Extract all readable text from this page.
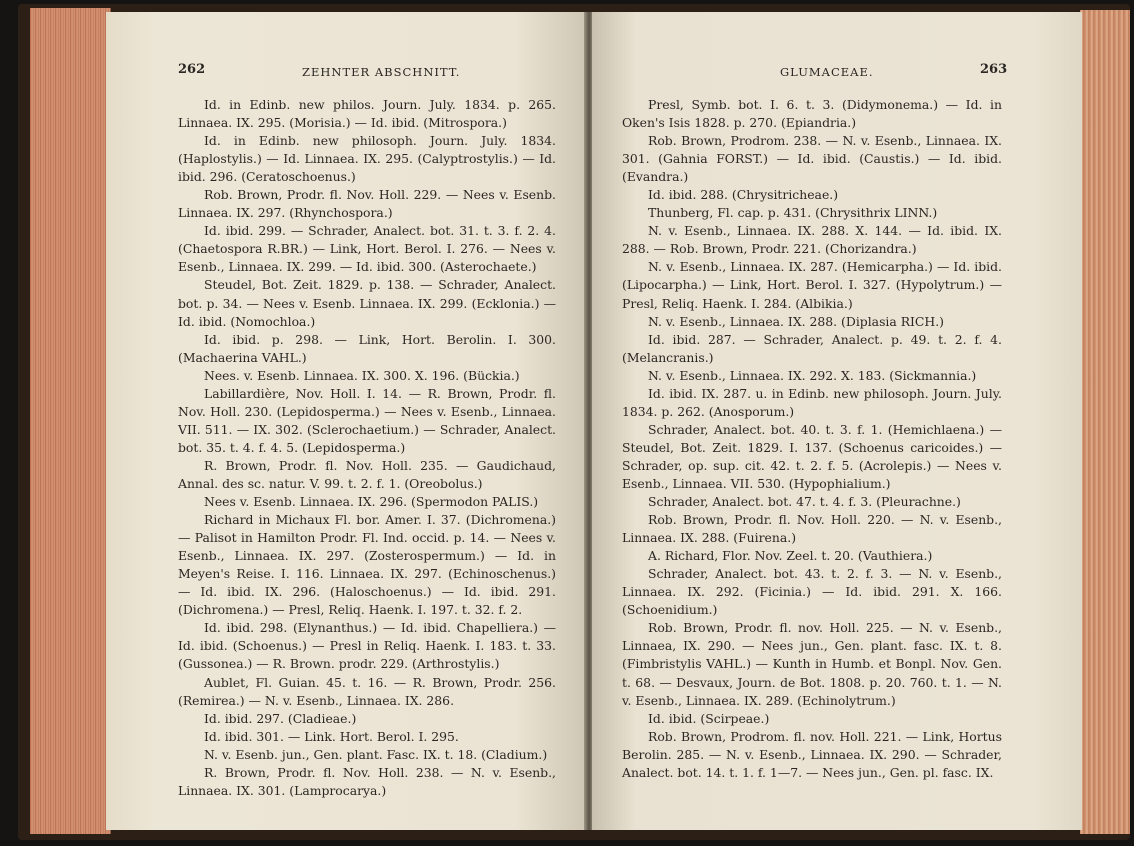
262	ZEHNTER ABSCHNITT.

Id. in Edinb. new philos. Journ. July. 1834. p. 265. Linnaea. IX. 295. (Morisia.) — Id. ibid. (Mitrospora.)

Id. in Edinb. new philosoph. Journ. July. 1834. (Haplostylis.) — Id. Linnaea. IX. 295. (Calyptrostylis.) — Id. ibid. 296. (Ceratoschoenus.)

Rob. Brown, Prodr. fl. Nov. Holl. 229. — Nees v. Esenb. Linnaea. IX. 297. (Rhynchospora.)

Id. ibid. 299. — Schrader, Analect. bot. 31. t. 3. f. 2. 4. (Chaetospora R.BR.) — Link, Hort. Berol. I. 276. — Nees v. Esenb., Linnaea. IX. 299. — Id. ibid. 300. (Asterochaete.)

Steudel, Bot. Zeit. 1829. p. 138. — Schrader, Analect. bot. p. 34. — Nees v. Esenb. Linnaea. IX. 299. (Ecklonia.) — Id. ibid. (Nomochloa.)

Id. ibid. p. 298. — Link, Hort. Berolin. I. 300. (Machaerina VAHL.)

Nees. v. Esenb. Linnaea. IX. 300. X. 196. (Bückia.)

Labillardière, Nov. Holl. I. 14. — R. Brown, Prodr. fl. Nov. Holl. 230. (Lepidosperma.) — Nees v. Esenb., Linnaea. VII. 511. — IX. 302. (Sclerochaetium.) — Schrader, Analect. bot. 35. t. 4. f. 4. 5. (Lepidosperma.)

R. Brown, Prodr. fl. Nov. Holl. 235. — Gaudichaud, Annal. des sc. natur. V. 99. t. 2. f. 1. (Oreobolus.)

Nees v. Esenb. Linnaea. IX. 296. (Spermodon PALIS.)

Richard in Michaux Fl. bor. Amer. I. 37. (Dichromena.) — Palisot in Hamilton Prodr. Fl. Ind. occid. p. 14. — Nees v. Esenb., Linnaea. IX. 297. (Zosterospermum.) — Id. in Meyen's Reise. I. 116. Linnaea. IX. 297. (Echinoschenus.) — Id. ibid. IX. 296. (Haloschoenus.) — Id. ibid. 291. (Dichromena.) — Presl, Reliq. Haenk. I. 197. t. 32. f. 2.

Id. ibid. 298. (Elynanthus.) — Id. ibid. Chapelliera.) — Id. ibid. (Schoenus.) — Presl in Reliq. Haenk. I. 183. t. 33. (Gussonea.) — R. Brown. prodr. 229. (Arthrostylis.)

Aublet, Fl. Guian. 45. t. 16. — R. Brown, Prodr. 256. (Remirea.) — N. v. Esenb., Linnaea. IX. 286.

Id. ibid. 297. (Cladieae.)

Id. ibid. 301. — Link. Hort. Berol. I. 295.

N. v. Esenb. jun., Gen. plant. Fasc. IX. t. 18. (Cladium.)

R. Brown, Prodr. fl. Nov. Holl. 238. — N. v. Esenb., Linnaea. IX. 301. (Lamprocarya.)

GLUMACEAE.	263

Presl, Symb. bot. I. 6. t. 3. (Didymonema.) — Id. in Oken's Isis 1828. p. 270. (Epiandria.)

Rob. Brown, Prodrom. 238. — N. v. Esenb., Linnaea. IX. 301. (Gahnia FORST.) — Id. ibid. (Caustis.) — Id. ibid. (Evandra.)

Id. ibid. 288. (Chrysitricheae.)

Thunberg, Fl. cap. p. 431. (Chrysithrix LINN.)

N. v. Esenb., Linnaea. IX. 288. X. 144. — Id. ibid. IX. 288. — Rob. Brown, Prodr. 221. (Chorizandra.)

N. v. Esenb., Linnaea. IX. 287. (Hemicarpha.) — Id. ibid. (Lipocarpha.) — Link, Hort. Berol. I. 327. (Hypolytrum.) — Presl, Reliq. Haenk. I. 284. (Albikia.)

N. v. Esenb., Linnaea. IX. 288. (Diplasia RICH.)

Id. ibid. 287. — Schrader, Analect. p. 49. t. 2. f. 4. (Melancranis.)

N. v. Esenb., Linnaea. IX. 292. X. 183. (Sickmannia.)

Id. ibid. IX. 287. u. in Edinb. new philosoph. Journ. July. 1834. p. 262. (Anosporum.)

Schrader, Analect. bot. 40. t. 3. f. 1. (Hemichlaena.) — Steudel, Bot. Zeit. 1829. I. 137. (Schoenus caricoides.) — Schrader, op. sup. cit. 42. t. 2. f. 5. (Acrolepis.) — Nees v. Esenb., Linnaea. VII. 530. (Hypophialium.)

Schrader, Analect. bot. 47. t. 4. f. 3. (Pleurachne.)

Rob. Brown, Prodr. fl. Nov. Holl. 220. — N. v. Esenb., Linnaea. IX. 288. (Fuirena.)

A. Richard, Flor. Nov. Zeel. t. 20. (Vauthiera.)

Schrader, Analect. bot. 43. t. 2. f. 3. — N. v. Esenb., Linnaea. IX. 292. (Ficinia.) — Id. ibid. 291. X. 166. (Schoenidium.)

Rob. Brown, Prodr. fl. nov. Holl. 225. — N. v. Esenb., Linnaea, IX. 290. — Nees jun., Gen. plant. fasc. IX. t. 8. (Fimbristylis VAHL.) — Kunth in Humb. et Bonpl. Nov. Gen. t. 68. — Desvaux, Journ. de Bot. 1808. p. 20. 760. t. 1. — N. v. Esenb., Linnaea. IX. 289. (Echinolytrum.)

Id. ibid. (Scirpeae.)

Rob. Brown, Prodrom. fl. nov. Holl. 221. — Link, Hortus Berolin. 285. — N. v. Esenb., Linnaea. IX. 290. — Schrader, Analect. bot. 14. t. 1. f. 1—7. — Nees jun., Gen. pl. fasc. IX.
